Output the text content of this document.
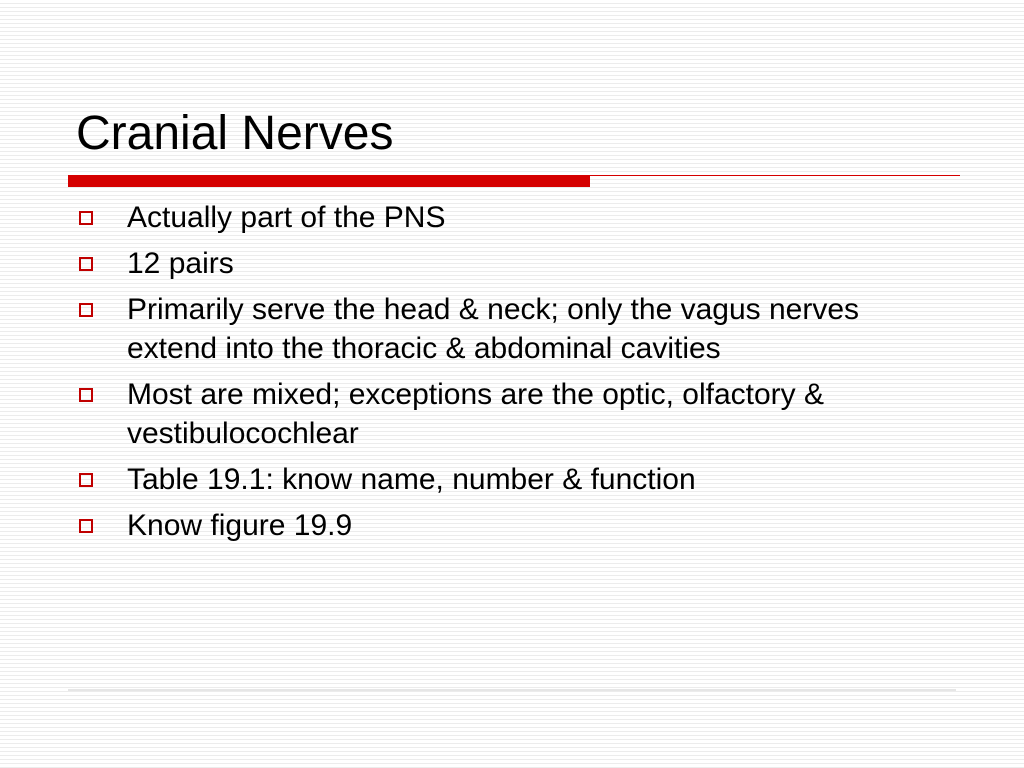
Cranial Nerves
Actually part of the PNS
12 pairs
Primarily serve the head & neck; only the vagus nerves extend into the thoracic & abdominal cavities
Most are mixed; exceptions are the optic, olfactory & vestibulocochlear
Table 19.1: know name, number & function
Know figure 19.9
